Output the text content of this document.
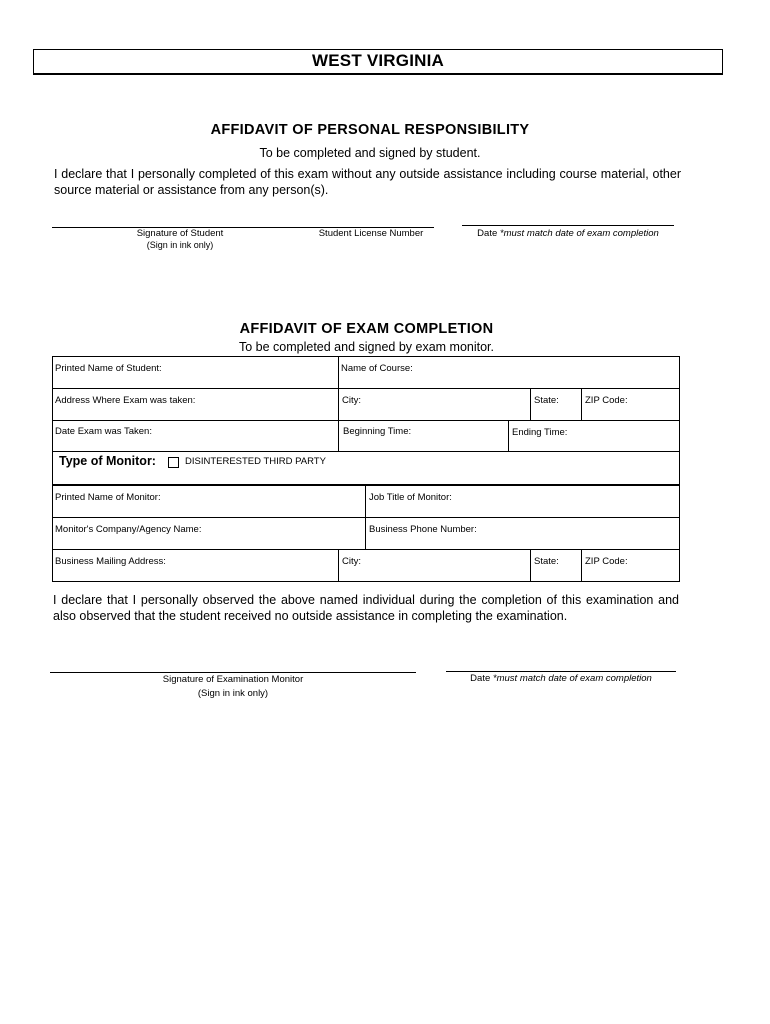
WEST VIRGINIA
AFFIDAVIT OF PERSONAL RESPONSIBILITY
To be completed and signed by student.
I declare that I personally completed of this exam without any outside assistance including course material, other source material or assistance from any person(s).
Signature of Student
(Sign in ink only)
Student License Number	Date *must match date of exam completion
AFFIDAVIT OF EXAM COMPLETION
To be completed and signed by exam monitor.
Printed Name of Student:	Name of Course:
Address Where Exam was taken:	City:	State:	ZIP Code:
Date Exam was Taken:	Beginning Time:	Ending Time:
Type of Monitor:	DISINTERESTED THIRD PARTY
Printed Name of Monitor:	Job Title of Monitor:
Monitor's Company/Agency Name:	Business Phone Number:
Business Mailing Address:	City:	State:	ZIP Code:
I declare that I personally observed the above named individual during the completion of this examination and also observed that the student received no outside assistance in completing the examination.
Signature of Examination Monitor
(Sign in ink only)
Date *must match date of exam completion
